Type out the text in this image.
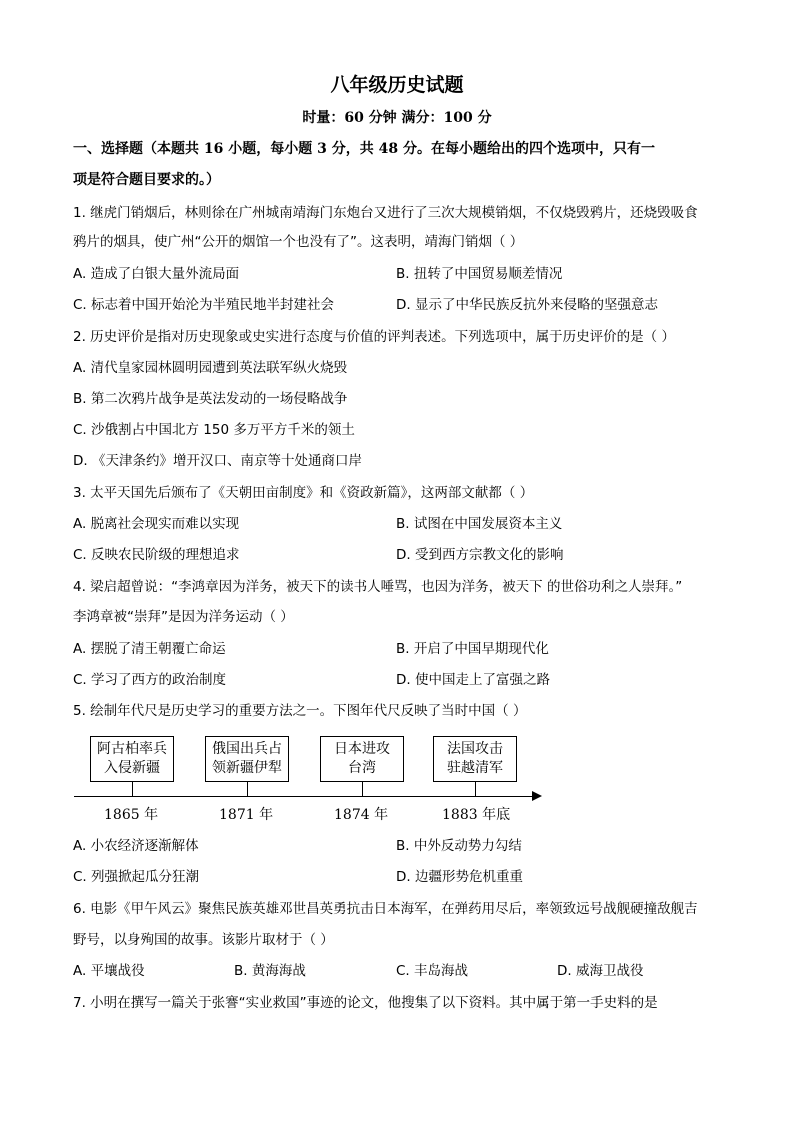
八年级历史试题
时量：60 分钟 满分：100 分
一、选择题（本题共 16 小题，每小题 3 分，共 48 分。在每小题给出的四个选项中，只有一
项是符合题目要求的。）
1. 继虎门销烟后，林则徐在广州城南靖海门东炮台又进行了三次大规模销烟，不仅烧毁鸦片，还烧毁吸食
鸦片的烟具，使广州“公开的烟馆一个也没有了”。这表明，靖海门销烟（ ）
A. 造成了白银大量外流局面	B. 扭转了中国贸易顺差情况
C. 标志着中国开始沦为半殖民地半封建社会	D. 显示了中华民族反抗外来侵略的坚强意志
2. 历史评价是指对历史现象或史实进行态度与价值的评判表述。下列选项中，属于历史评价的是（ ）
A. 清代皇家园林圆明园遭到英法联军纵火烧毁
B. 第二次鸦片战争是英法发动的一场侵略战争
C. 沙俄割占中国北方 150 多万平方千米的领土
D. 《天津条约》增开汉口、南京等十处通商口岸
3. 太平天国先后颁布了《天朝田亩制度》和《资政新篇》，这两部文献都（ ）
A. 脱离社会现实而难以实现	B. 试图在中国发展资本主义
C. 反映农民阶级的理想追求	D. 受到西方宗教文化的影响
4. 梁启超曾说：“李鸿章因为洋务，被天下的读书人唾骂，也因为洋务，被天下 的世俗功利之人崇拜。”
李鸿章被“崇拜”是因为洋务运动（ ）
A. 摆脱了清王朝覆亡命运	B. 开启了中国早期现代化
C. 学习了西方的政治制度	D. 使中国走上了富强之路
5. 绘制年代尺是历史学习的重要方法之一。下图年代尺反映了当时中国（ ）
阿古柏率兵
入侵新疆
俄国出兵占
领新疆伊犁
日本进攻
台湾
法国攻击
驻越清军
1865 年	1871 年	1874 年	1883 年底
A. 小农经济逐渐解体	B. 中外反动势力勾结
C. 列强掀起瓜分狂潮	D. 边疆形势危机重重
6. 电影《甲午风云》聚焦民族英雄邓世昌英勇抗击日本海军，在弹药用尽后，率领致远号战舰硬撞敌舰吉
野号，以身殉国的故事。该影片取材于（ ）
A. 平壤战役	B. 黄海海战	C. 丰岛海战	D. 威海卫战役
7. 小明在撰写一篇关于张謇“实业救国”事迹的论文，他搜集了以下资料。其中属于第一手史料的是
